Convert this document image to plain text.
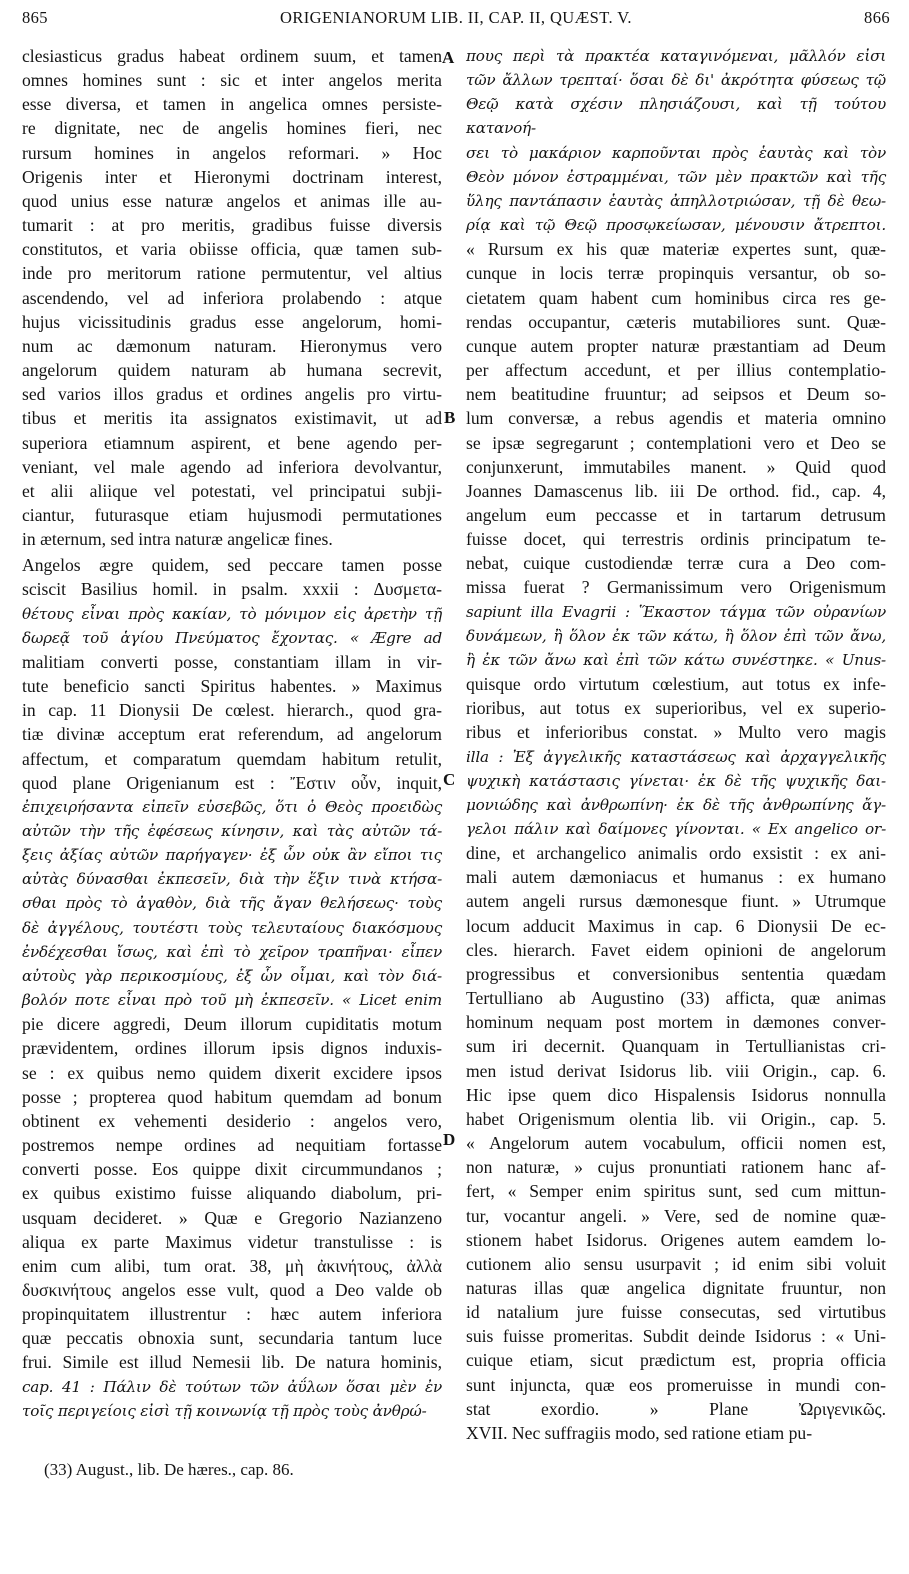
865	ORIGENIANORUM LIB. II, CAP. II, QUÆST. V.	866

clesiasticus gradus habeat ordinem suum, et tamen

omnes homines sunt : sic et inter angelos merita

esse diversa, et tamen in angelica omnes persiste-

re dignitate, nec de angelis homines fieri, nec

rursum homines in angelos reformari. » Hoc

Origenis inter et Hieronymi doctrinam interest,

quod unius esse naturæ angelos et animas ille au-

tumarit : at pro meritis, gradibus fuisse diversis

constitutos, et varia obiisse officia, quæ tamen sub-

inde pro meritorum ratione permutentur, vel altius

ascendendo, vel ad inferiora prolabendo : atque

hujus vicissitudinis gradus esse angelorum, homi-

num ac dæmonum naturam. Hieronymus vero

angelorum quidem naturam ab humana secrevit,

sed varios illos gradus et ordines angelis pro virtu-

tibus et meritis ita assignatos existimavit, ut ad

superiora etiamnum aspirent, et bene agendo per-

veniant, vel male agendo ad inferiora devolvantur,

et alii aliique vel potestati, vel principatui subji-

ciantur, futurasque etiam hujusmodi permutationes

in æternum, sed intra naturæ angelicæ fines.

Angelos ægre quidem, sed peccare tamen posse

sciscit Basilius homil. in psalm. xxxii : Δυσμετα-

θέτους εἶναι πρὸς κακίαν, τὸ μόνιμον εἰς ἀρετὴν τῇ

δωρεᾷ τοῦ ἁγίου Πνεύματος ἔχοντας. « Ægre ad

malitiam converti posse, constantiam illam in vir-

tute beneficio sancti Spiritus habentes. » Maximus

in cap. 11 Dionysii De cœlest. hierarch., quod gra-

tiæ divinæ acceptum erat referendum, ad angelorum

affectum, et comparatum quemdam habitum retulit,

quod plane Origenianum est : Ἔστιν οὖν, inquit,

ἐπιχειρήσαντα εἰπεῖν εὐσεβῶς, ὅτι ὁ Θεὸς προειδὼς

αὐτῶν τὴν τῆς ἐφέσεως κίνησιν, καὶ τὰς αὐτῶν τά-

ξεις ἀξίας αὐτῶν παρήγαγεν· ἐξ ὧν οὐκ ἂν εἴποι τις

αὐτὰς δύνασθαι ἐκπεσεῖν, διὰ τὴν ἕξιν τινὰ κτήσα-

σθαι πρὸς τὸ ἀγαθὸν, διὰ τῆς ἄγαν θελήσεως· τοὺς

δὲ ἀγγέλους, τουτέστι τοὺς τελευταίους διακόσμους

ἐνδέχεσθαι ἴσως, καὶ ἐπὶ τὸ χεῖρον τραπῆναι· εἶπεν

αὐτοὺς γὰρ περικοσμίους, ἐξ ὧν οἶμαι, καὶ τὸν διά-

βολόν ποτε εἶναι πρὸ τοῦ μὴ ἐκπεσεῖν. « Licet enim

pie dicere aggredi, Deum illorum cupiditatis motum

prævidentem, ordines illorum ipsis dignos induxis-

se : ex quibus nemo quidem dixerit excidere ipsos

posse ; propterea quod habitum quemdam ad bonum

obtinent ex vehementi desiderio : angelos vero,

postremos nempe ordines ad nequitiam fortasse

converti posse. Eos quippe dixit circummundanos ;

ex quibus existimo fuisse aliquando diabolum, pri-

usquam decideret. » Quæ e Gregorio Nazianzeno

aliqua ex parte Maximus videtur transtulisse : is

enim cum alibi, tum orat. 38, μὴ ἀκινήτους, ἀλλὰ

δυσκινήτους angelos esse vult, quod a Deo valde ob

propinquitatem illustrentur : hæc autem inferiora

quæ peccatis obnoxia sunt, secundaria tantum luce

frui. Simile est illud Nemesii lib. De natura hominis,

cap. 41 : Πάλιν δὲ τούτων τῶν ἀΰλων ὅσαι μὲν ἐν

τοῖς περιγείοις εἰσὶ τῇ κοινωνίᾳ τῇ πρὸς τοὺς ἀνθρώ-

πους περὶ τὰ πρακτέα καταγινόμεναι, μᾶλλόν εἰσι

τῶν ἄλλων τρεπταί· ὅσαι δὲ δι' ἀκρότητα φύσεως τῷ

Θεῷ κατὰ σχέσιν πλησιάζουσι, καὶ τῇ τούτου κατανοή-

σει τὸ μακάριον καρποῦνται πρὸς ἑαυτὰς καὶ τὸν

Θεὸν μόνον ἐστραμμέναι, τῶν μὲν πρακτῶν καὶ τῆς

ὕλης παντάπασιν ἑαυτὰς ἀπηλλοτριώσαν, τῇ δὲ θεω-

ρίᾳ καὶ τῷ Θεῷ προσῳκείωσαν, μένουσιν ἄτρεπτοι.

« Rursum ex his quæ materiæ expertes sunt, quæ-

cunque in locis terræ propinquis versantur, ob so-

cietatem quam habent cum hominibus circa res ge-

rendas occupantur, cæteris mutabiliores sunt. Quæ-

cunque autem propter naturæ præstantiam ad Deum

per affectum accedunt, et per illius contemplatio-

nem beatitudine fruuntur; ad seipsos et Deum so-

lum conversæ, a rebus agendis et materia omnino

se ipsæ segregarunt ; contemplationi vero et Deo se

conjunxerunt, immutabiles manent. » Quid quod

Joannes Damascenus lib. iii De orthod. fid., cap. 4,

angelum eum peccasse et in tartarum detrusum

fuisse docet, qui terrestris ordinis principatum te-

nebat, cuique custodiendæ terræ cura a Deo com-

missa fuerat ? Germanissimum vero Origenismum

sapiunt illa Evagrii : Ἕκαστον τάγμα τῶν οὐρανίων

δυνάμεων, ἢ ὅλον ἐκ τῶν κάτω, ἢ ὅλον ἐπὶ τῶν ἄνω,

ἢ ἐκ τῶν ἄνω καὶ ἐπὶ τῶν κάτω συνέστηκε. « Unus-

quisque ordo virtutum cœlestium, aut totus ex infe-

rioribus, aut totus ex superioribus, vel ex superio-

ribus et inferioribus constat. » Multo vero magis

illa : Ἐξ ἀγγελικῆς καταστάσεως καὶ ἀρχαγγελικῆς

ψυχικὴ κατάστασις γίνεται· ἐκ δὲ τῆς ψυχικῆς δαι-

μονιώδης καὶ ἀνθρωπίνη· ἐκ δὲ τῆς ἀνθρωπίνης ἄγ-

γελοι πάλιν καὶ δαίμονες γίνονται. « Ex angelico or-

dine, et archangelico animalis ordo exsistit : ex ani-

mali autem dæmoniacus et humanus : ex humano

autem angeli rursus dæmonesque fiunt. » Utrumque

locum adducit Maximus in cap. 6 Dionysii De ec-

cles. hierarch. Favet eidem opinioni de angelorum

progressibus et conversionibus sententia quædam

Tertulliano ab Augustino (33) afficta, quæ animas

hominum nequam post mortem in dæmones conver-

sum iri decernit. Quanquam in Tertullianistas cri-

men istud derivat Isidorus lib. viii Origin., cap. 6.

Hic ipse quem dico Hispalensis Isidorus nonnulla

habet Origenismum olentia lib. vii Origin., cap. 5.

« Angelorum autem vocabulum, officii nomen est,

non naturæ, » cujus pronuntiati rationem hanc af-

fert, « Semper enim spiritus sunt, sed cum mittun-

tur, vocantur angeli. » Vere, sed de nomine quæ-

stionem habet Isidorus. Origenes autem eamdem lo-

cutionem alio sensu usurpavit ; id enim sibi voluit

naturas illas quæ angelica dignitate fruuntur, non

id natalium jure fuisse consecutas, sed virtutibus

suis fuisse promeritas. Subdit deinde Isidorus : « Uni-

cuique etiam, sicut prædictum est, propria officia

sunt injuncta, quæ eos promeruisse in mundi con-

stat exordio. » Plane Ὠριγενικῶς.

XVII. Nec suffragiis modo, sed ratione etiam pu-

A
B
C
D
(33) August., lib. De hæres., cap. 86.
